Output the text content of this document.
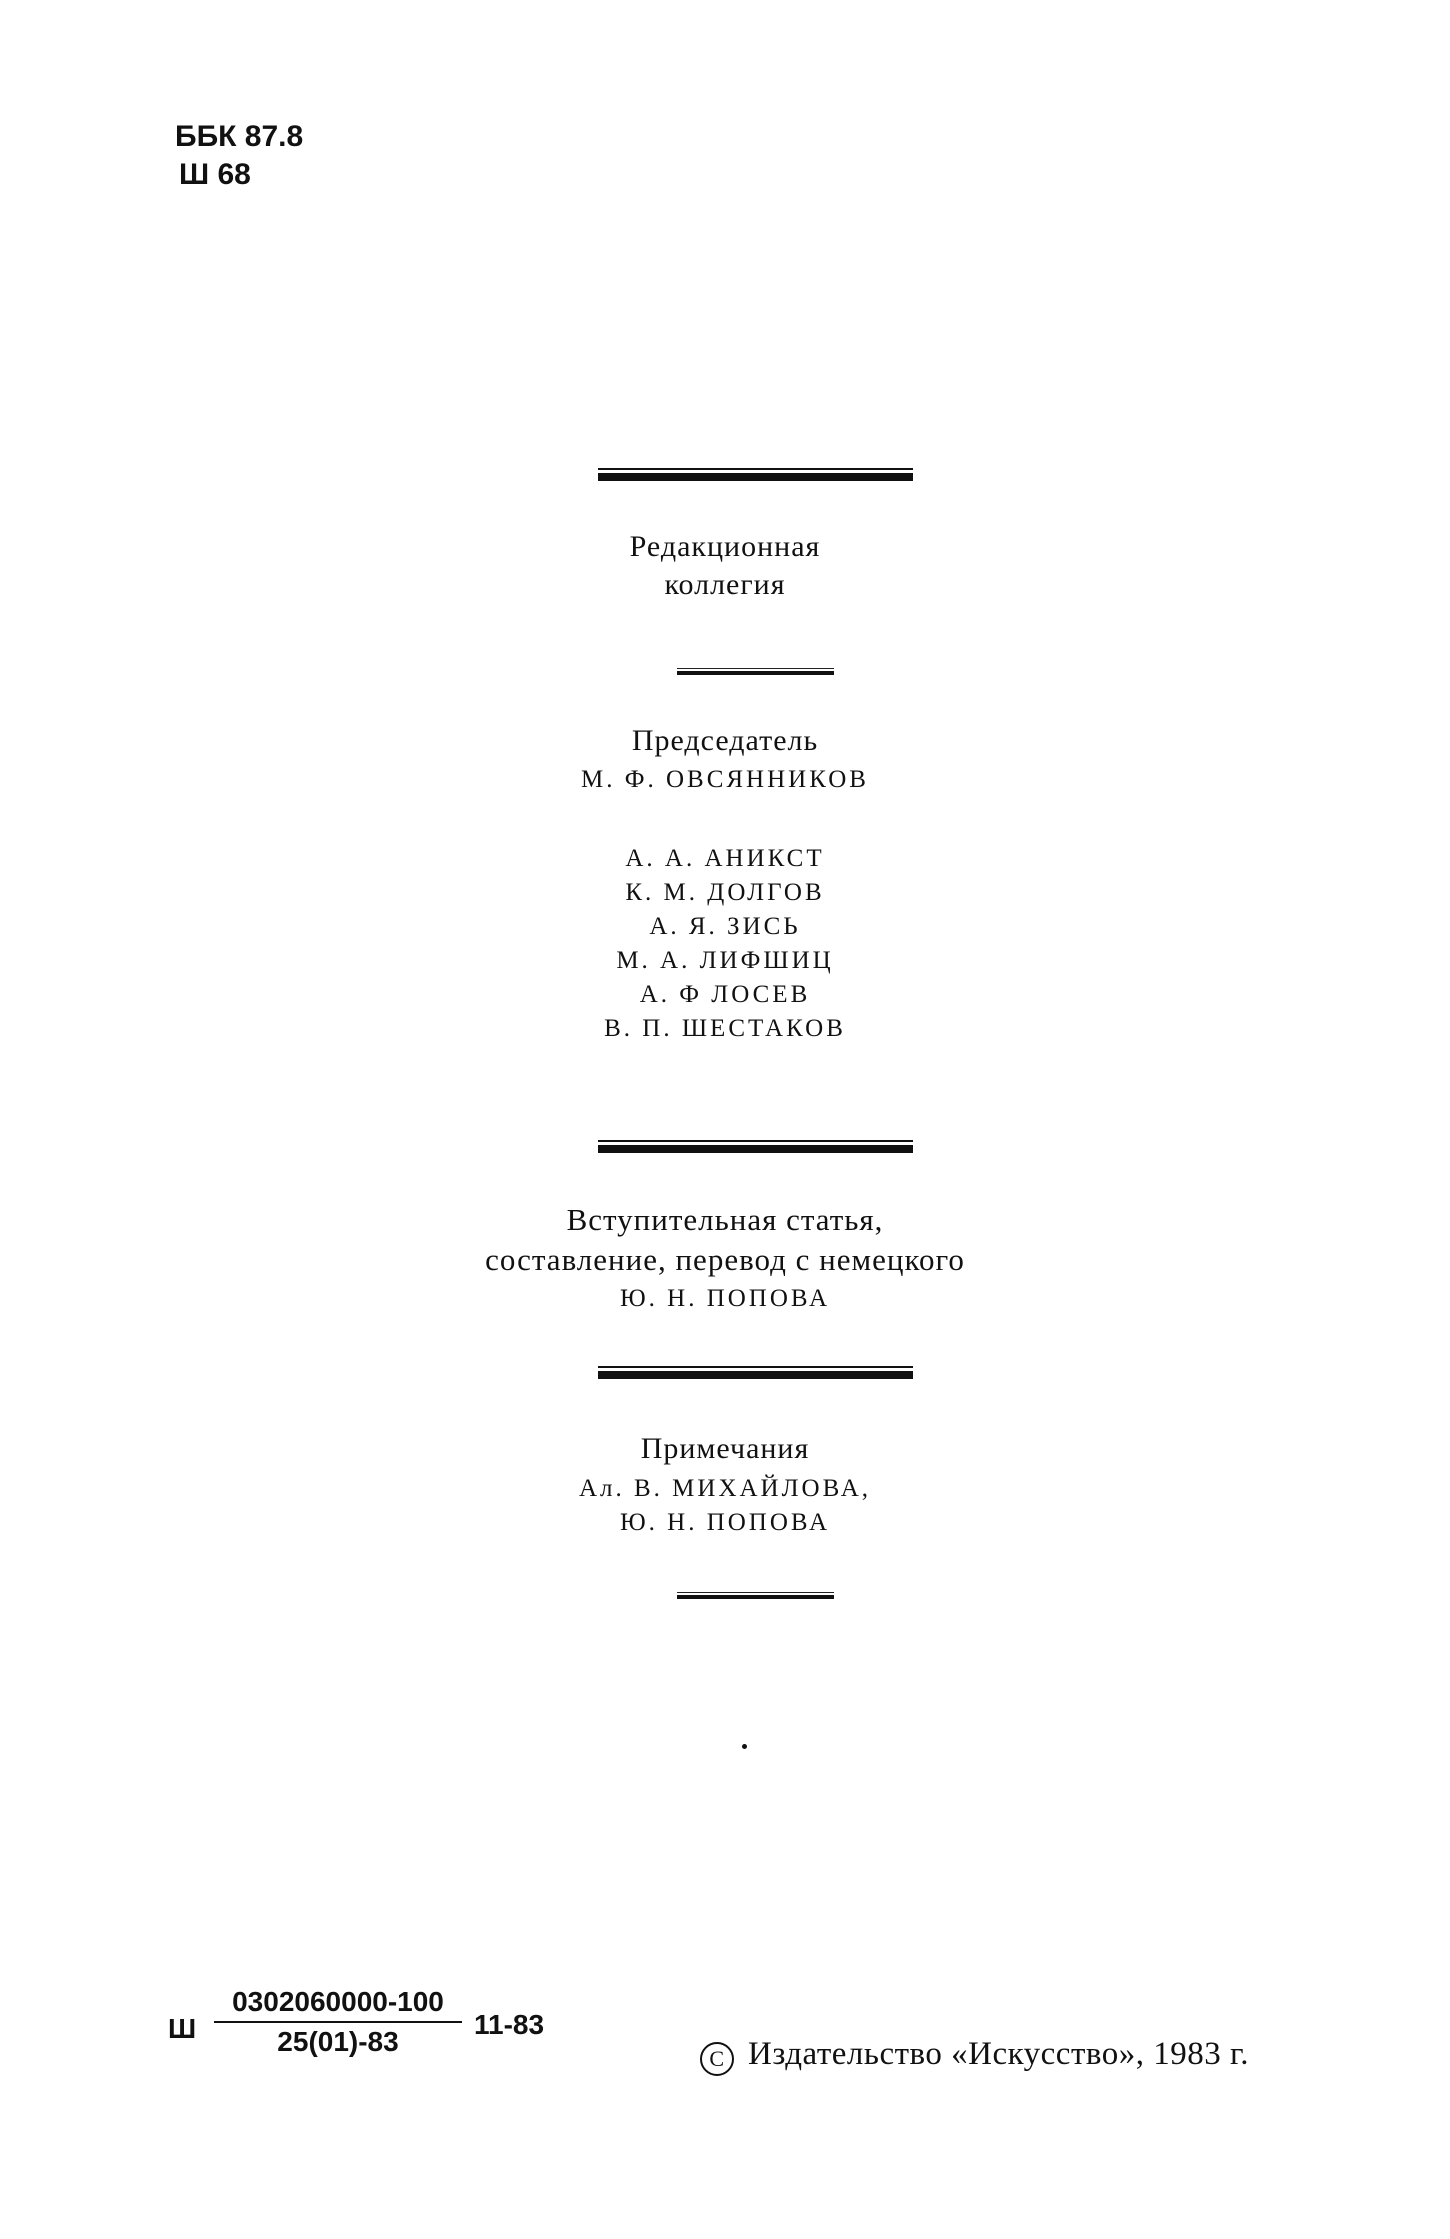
ББК 87.8
Ш 68
Редакционная
коллегия
Председатель
М. Ф. ОВСЯННИКОВ
А. А. АНИКСТ
К. М. ДОЛГОВ
А. Я. ЗИСЬ
М. А. ЛИФШИЦ
А. Ф ЛОСЕВ
В. П. ШЕСТАКОВ
Вступительная статья,
составление, перевод с немецкого
Ю. Н. ПОПОВА
Примечания
Ал. В. МИХАЙЛОВА,
Ю. Н. ПОПОВА
Ш
0302060000-100
25(01)-83
11-83
C Издательство «Искусство», 1983 г.
